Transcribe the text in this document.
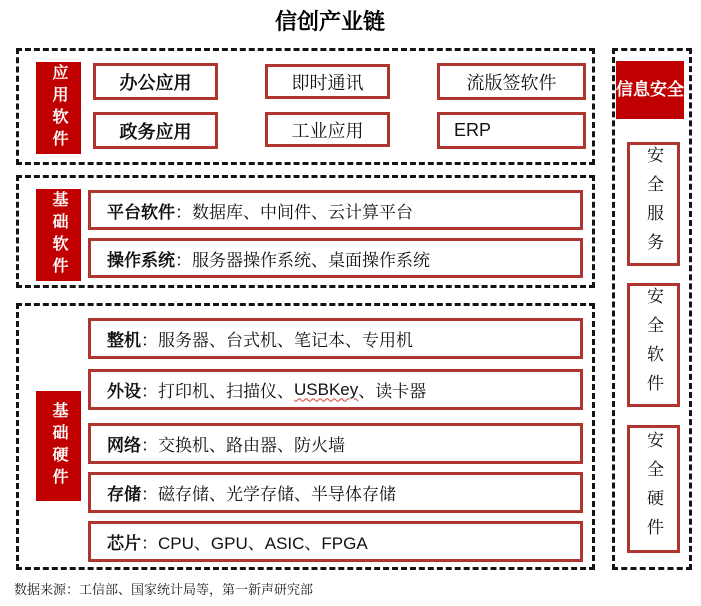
信创产业链
应用软件	办公应用
政务应用
即时通讯
工业应用
流版签软件
ERP
基础软件	平台软件 ： 数据库、中间件、云计算平台
操作系统 ： 服务器操作系统、桌面操作系统
基础硬件
整机 ： 服务器、台式机、笔记本、专用机
外设 ： 打印机、扫描仪、 USBKey 、读卡器
网络 ： 交换机、路由器、防火墙
存储 ： 磁存储、光学存储、半导体存储
芯片 ： CPU、GPU、ASIC、FPGA
信息安全
安全服务
安全软件
安全硬件
数据来源：工信部、国家统计局等，第一新声研究部
